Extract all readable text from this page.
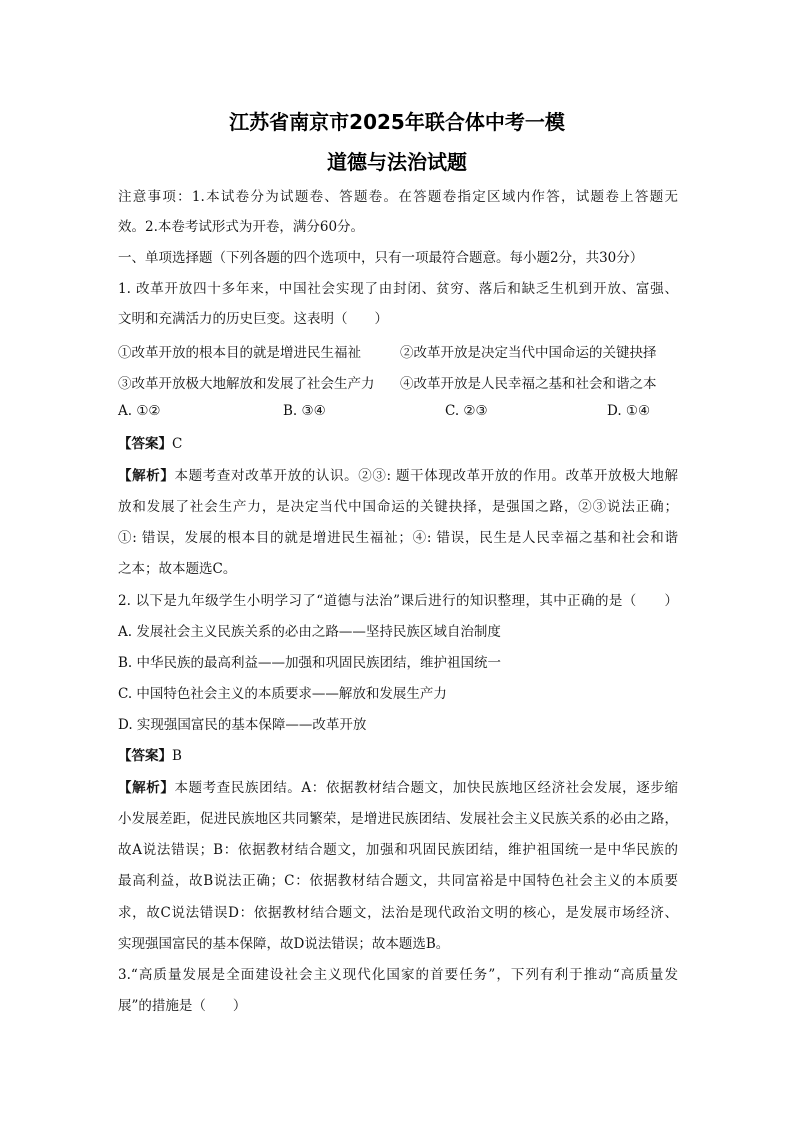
江苏省南京市2025年联合体中考一模
道德与法治试题
注意事项：1.本试卷分为试题卷、答题卷。在答题卷指定区域内作答，试题卷上答题无
效。2.本卷考试形式为开卷，满分60分。
一、单项选择题（下列各题的四个选项中，只有一项最符合题意。每小题2分，共30分）
1. 改革开放四十多年来，中国社会实现了由封闭、贫穷、落后和缺乏生机到开放、富强、
文明和充满活力的历史巨变。这表明（　　）
①改革开放的根本目的就是增进民生福祉	②改革开放是决定当代中国命运的关键抉择
③改革开放极大地解放和发展了社会生产力 ④改革开放是人民幸福之基和社会和谐之本
A. ①②	B. ③④	C. ②③	D. ①④
【答案】C
【解析】本题考查对改革开放的认识。②③: 题干体现改革开放的作用。改革开放极大地解
放和发展了社会生产力，是决定当代中国命运的关键抉择，是强国之路，②③说法正确；
①: 错误，发展的根本目的就是增进民生福祉；④: 错误，民生是人民幸福之基和社会和谐
之本；故本题选C。
2. 以下是九年级学生小明学习了“道德与法治”课后进行的知识整理，其中正确的是（　　）
A. 发展社会主义民族关系的必由之路——坚持民族区域自治制度
B. 中华民族的最高利益——加强和巩固民族团结，维护祖国统一
C. 中国特色社会主义的本质要求——解放和发展生产力
D. 实现强国富民的基本保障——改革开放
【答案】B
【解析】本题考查民族团结。A：依据教材结合题文，加快民族地区经济社会发展，逐步缩
小发展差距，促进民族地区共同繁荣，是增进民族团结、发展社会主义民族关系的必由之路，
故A说法错误；B：依据教材结合题文，加强和巩固民族团结，维护祖国统一是中华民族的
最高利益，故B说法正确；C：依据教材结合题文，共同富裕是中国特色社会主义的本质要
求，故C说法错误D：依据教材结合题文，法治是现代政治文明的核心，是发展市场经济、
实现强国富民的基本保障，故D说法错误；故本题选B。
3.“高质量发展是全面建设社会主义现代化国家的首要任务”，下列有利于推动“高质量发
展”的措施是（　　）
